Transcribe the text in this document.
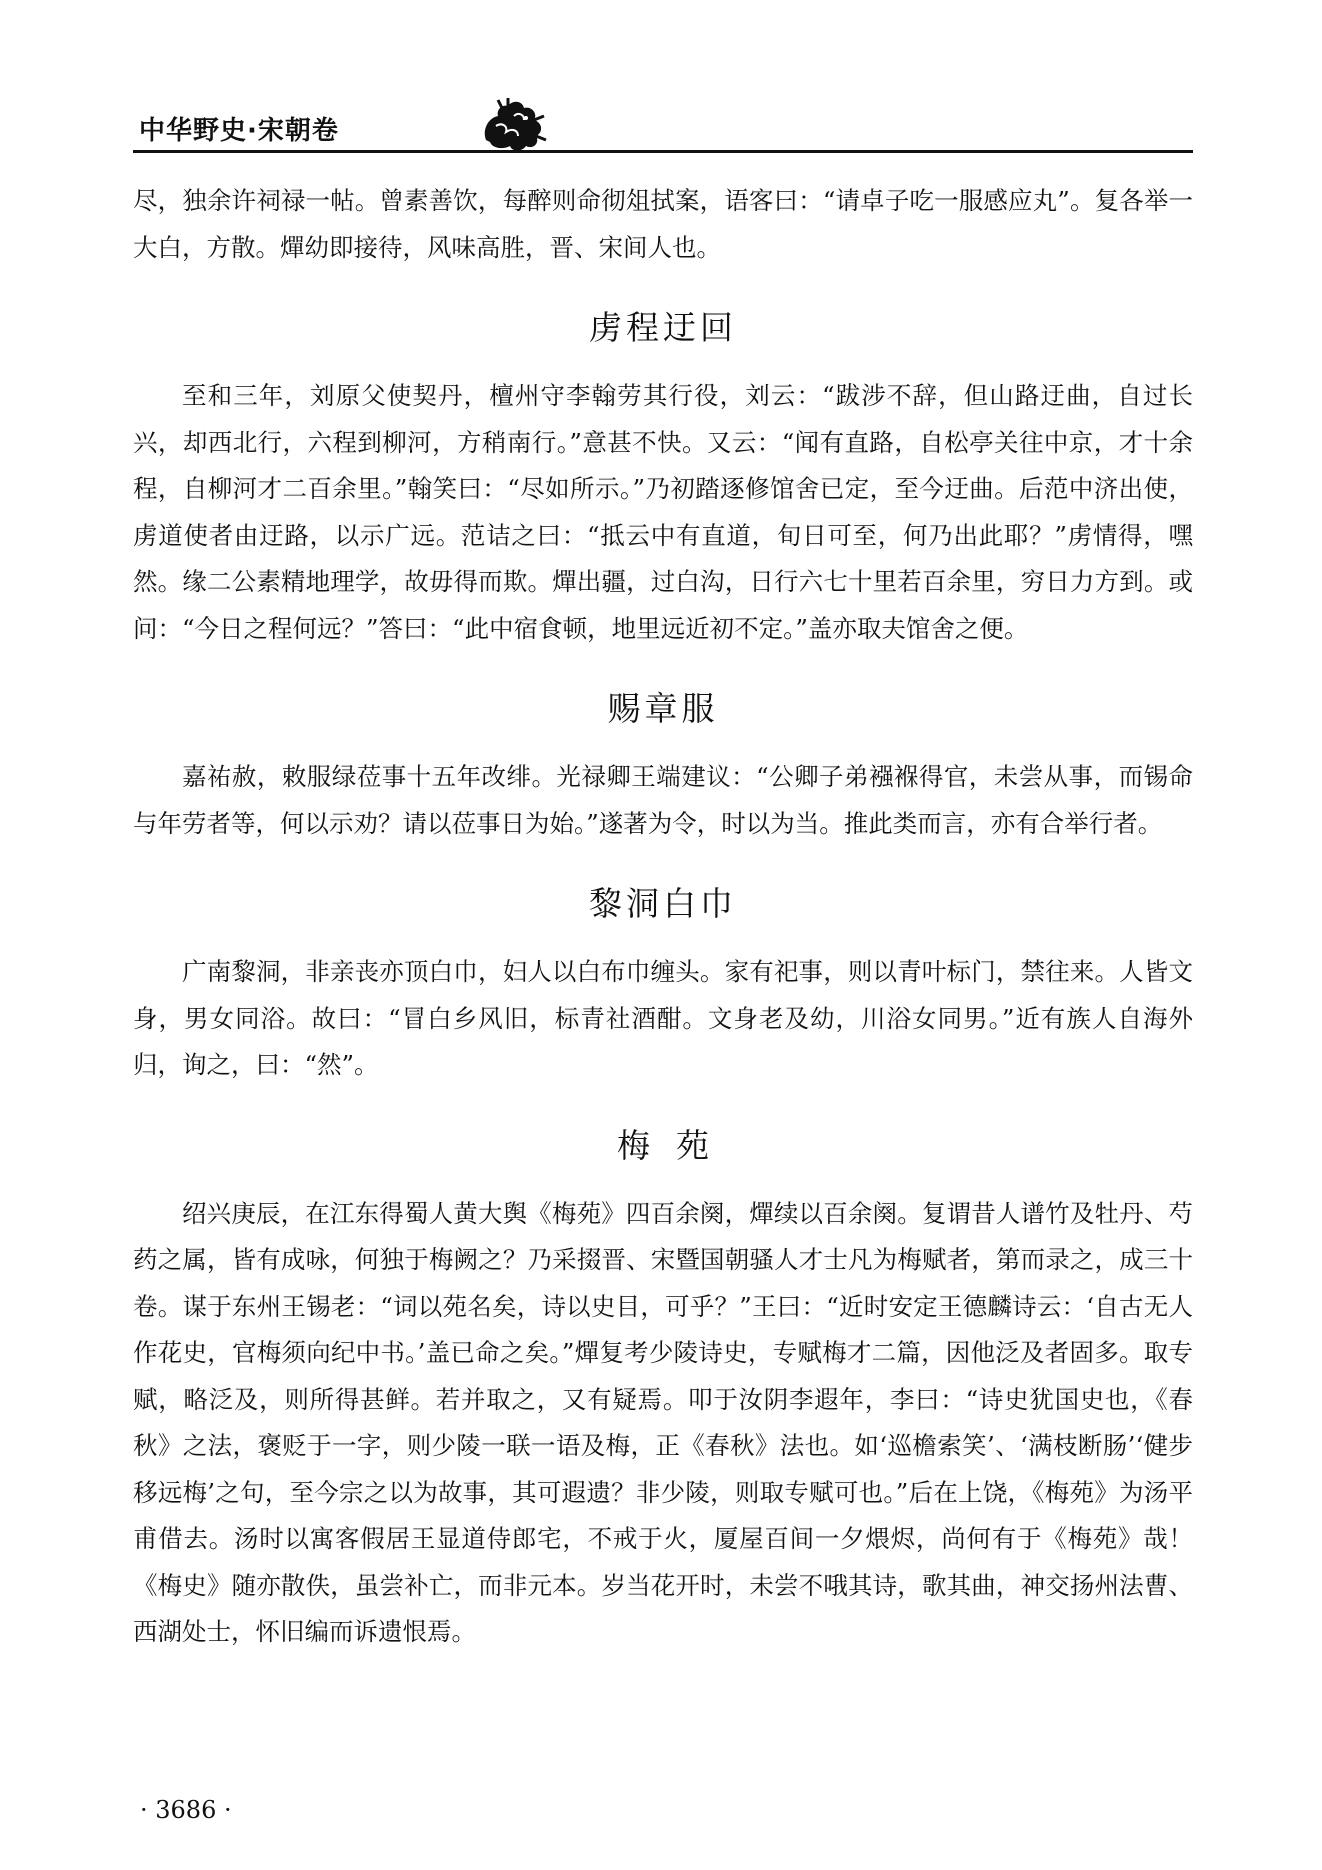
中华野史·宋朝卷

尽，独余许祠禄一帖。曾素善饮，每醉则命彻俎拭案，语客曰：“请卓子吃一服感应丸”。复各举一大白，方散。燀幼即接待，风味高胜，晋、宋间人也。

虏程迂回

至和三年，刘原父使契丹，檀州守李翰劳其行役，刘云：“跋涉不辞，但山路迂曲，自过长兴，却西北行，六程到柳河，方稍南行。”意甚不快。又云：“闻有直路，自松亭关往中京，才十余程，自柳河才二百余里。”翰笑曰：“尽如所示。”乃初踏逐修馆舍已定，至今迂曲。后范中济出使，虏道使者由迂路，以示广远。范诘之曰：“抵云中有直道，旬日可至，何乃出此耶？”虏情得，嘿然。缘二公素精地理学，故毋得而欺。燀出疆，过白沟，日行六七十里若百余里，穷日力方到。或问：“今日之程何远？”答曰：“此中宿食顿，地里远近初不定。”盖亦取夫馆舍之便。

赐章服

嘉祐赦，敕服绿莅事十五年改绯。光禄卿王端建议：“公卿子弟襁褓得官，未尝从事，而锡命与年劳者等，何以示劝？请以莅事日为始。”遂著为令，时以为当。推此类而言，亦有合举行者。

黎洞白巾

广南黎洞，非亲丧亦顶白巾，妇人以白布巾缠头。家有祀事，则以青叶标门，禁往来。人皆文身，男女同浴。故曰：“冒白乡风旧，标青社酒酣。文身老及幼，川浴女同男。”近有族人自海外归，询之，曰：“然”。

梅苑

绍兴庚辰，在江东得蜀人黄大舆《梅苑》四百余阕，燀续以百余阕。复谓昔人谱竹及牡丹、芍药之属，皆有成咏，何独于梅阙之？乃采掇晋、宋暨国朝骚人才士凡为梅赋者，第而录之，成三十卷。谋于东州王锡老：“词以苑名矣，诗以史目，可乎？”王曰：“近时安定王德麟诗云：‘自古无人作花史，官梅须向纪中书。’盖已命之矣。”燀复考少陵诗史，专赋梅才二篇，因他泛及者固多。取专赋，略泛及，则所得甚鲜。若并取之，又有疑焉。叩于汝阴李遐年，李曰：“诗史犹国史也，《春秋》之法，褒贬于一字，则少陵一联一语及梅，正《春秋》法也。如‘巡檐索笑’、‘满枝断肠’‘健步移远梅’之句，至今宗之以为故事，其可遐遗？非少陵，则取专赋可也。”后在上饶，《梅苑》为汤平甫借去。汤时以寓客假居王显道侍郎宅，不戒于火，厦屋百间一夕煨烬，尚何有于《梅苑》哉！《梅史》随亦散佚，虽尝补亡，而非元本。岁当花开时，未尝不哦其诗，歌其曲，神交扬州法曹、西湖处士，怀旧编而诉遗恨焉。

· 3686 ·
